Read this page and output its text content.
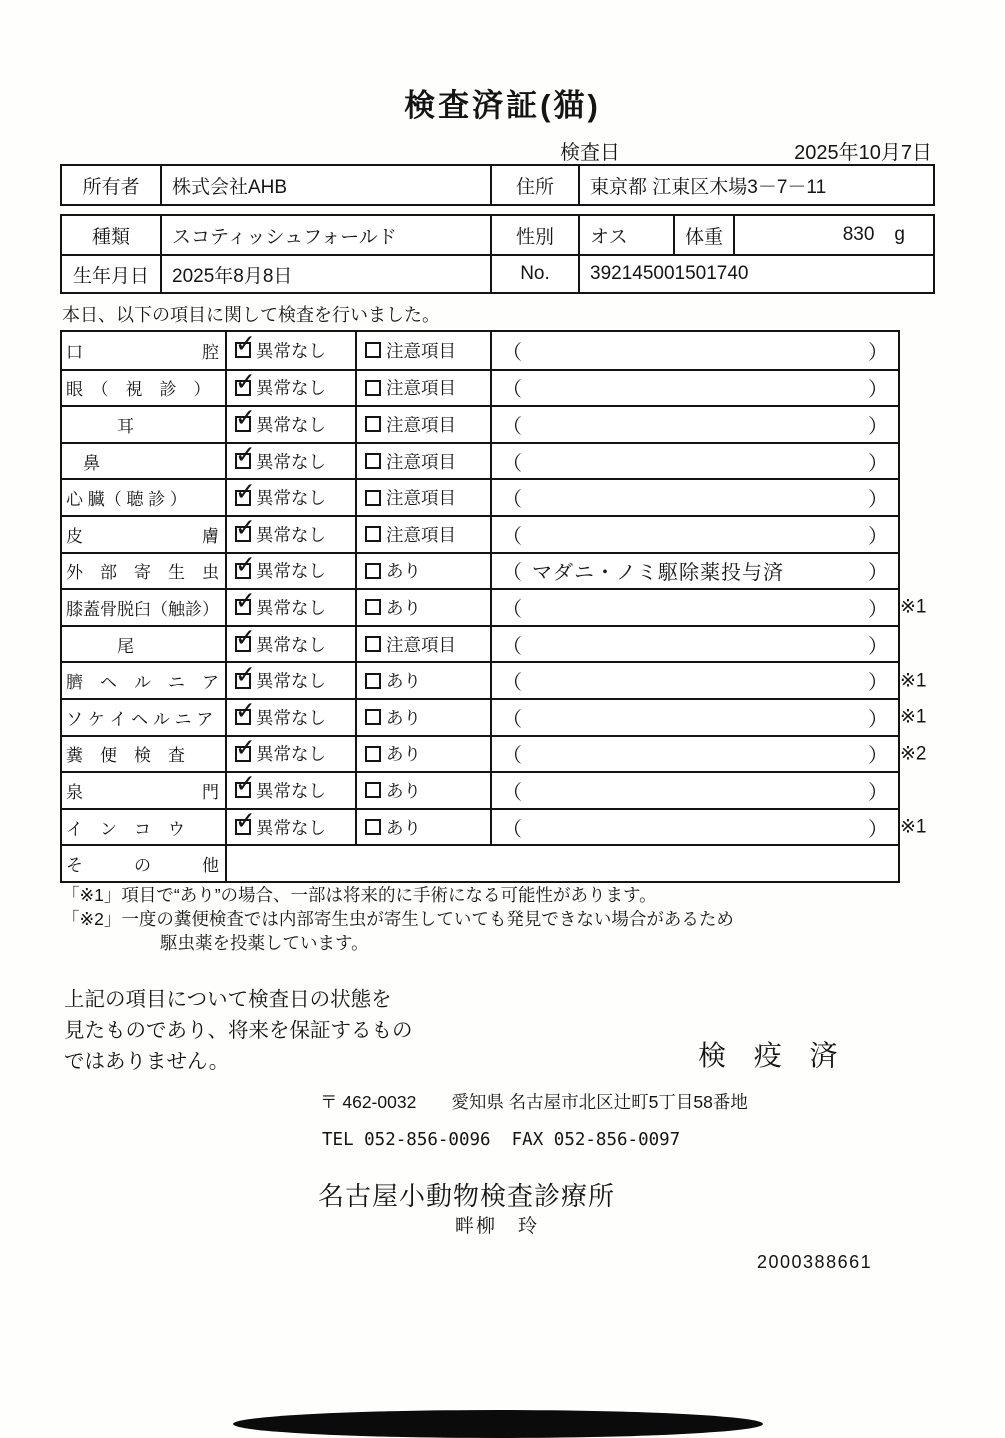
検査済証(猫)
検査日	2025年10月7日
所有者	株式会社AHB	住所	東京都 江東区木場3－7－11
種類	スコティッシュフォールド	性別	オス	体重	830 g
生年月日	2025年8月8日	No.	392145001501740
本日、以下の項目に関して検査を行いました。
口　　　　　　　腔 ✓ 異常なし	注意項目 （	）
眼　（　視　診　） ✓ 異常なし	注意項目 （	）
　　　耳	✓ 異常なし	注意項目 （	）
　鼻	✓ 異常なし	注意項目 （	）
心 臓（ 聴 診 ） ✓ 異常なし	注意項目 （	）
皮　　　　　　　膚 ✓ 異常なし	注意項目 （	）
外　部　寄　生　虫 ✓ 異常なし	あり	（ マダニ・ノミ駆除薬投与済	）
膝蓋骨脱臼（触診） ✓ 異常なし	あり	（	） ※1
　　　尾	✓ 異常なし	注意項目 （	）
臍　ヘ　ル　ニ　ア ✓ 異常なし	あり	（	） ※1
ソ ケ イ ヘ ル ニ ア ✓ 異常なし	あり	（	） ※1
糞　便　検　査 ✓ 異常なし	あり	（	） ※2
泉　　　　　　　門 ✓ 異常なし	あり	（	）
イ　ン　コ　ウ ✓ 異常なし	あり	（	） ※1
そ　　　の　　　他
「※1」項目で“あり”の場合、一部は将来的に手術になる可能性があります。
「※2」一度の糞便検査では内部寄生虫が寄生していても発見できない場合があるため
駆虫薬を投薬しています。
上記の項目について検査日の状態を
見たものであり、将来を保証するもの
ではありません。	検 疫 済
〒 462-0032　　愛知県 名古屋市北区辻町5丁目58番地
TEL 052-856-0096  FAX 052-856-0097
名古屋小動物検査診療所
畔柳　玲
2000388661
